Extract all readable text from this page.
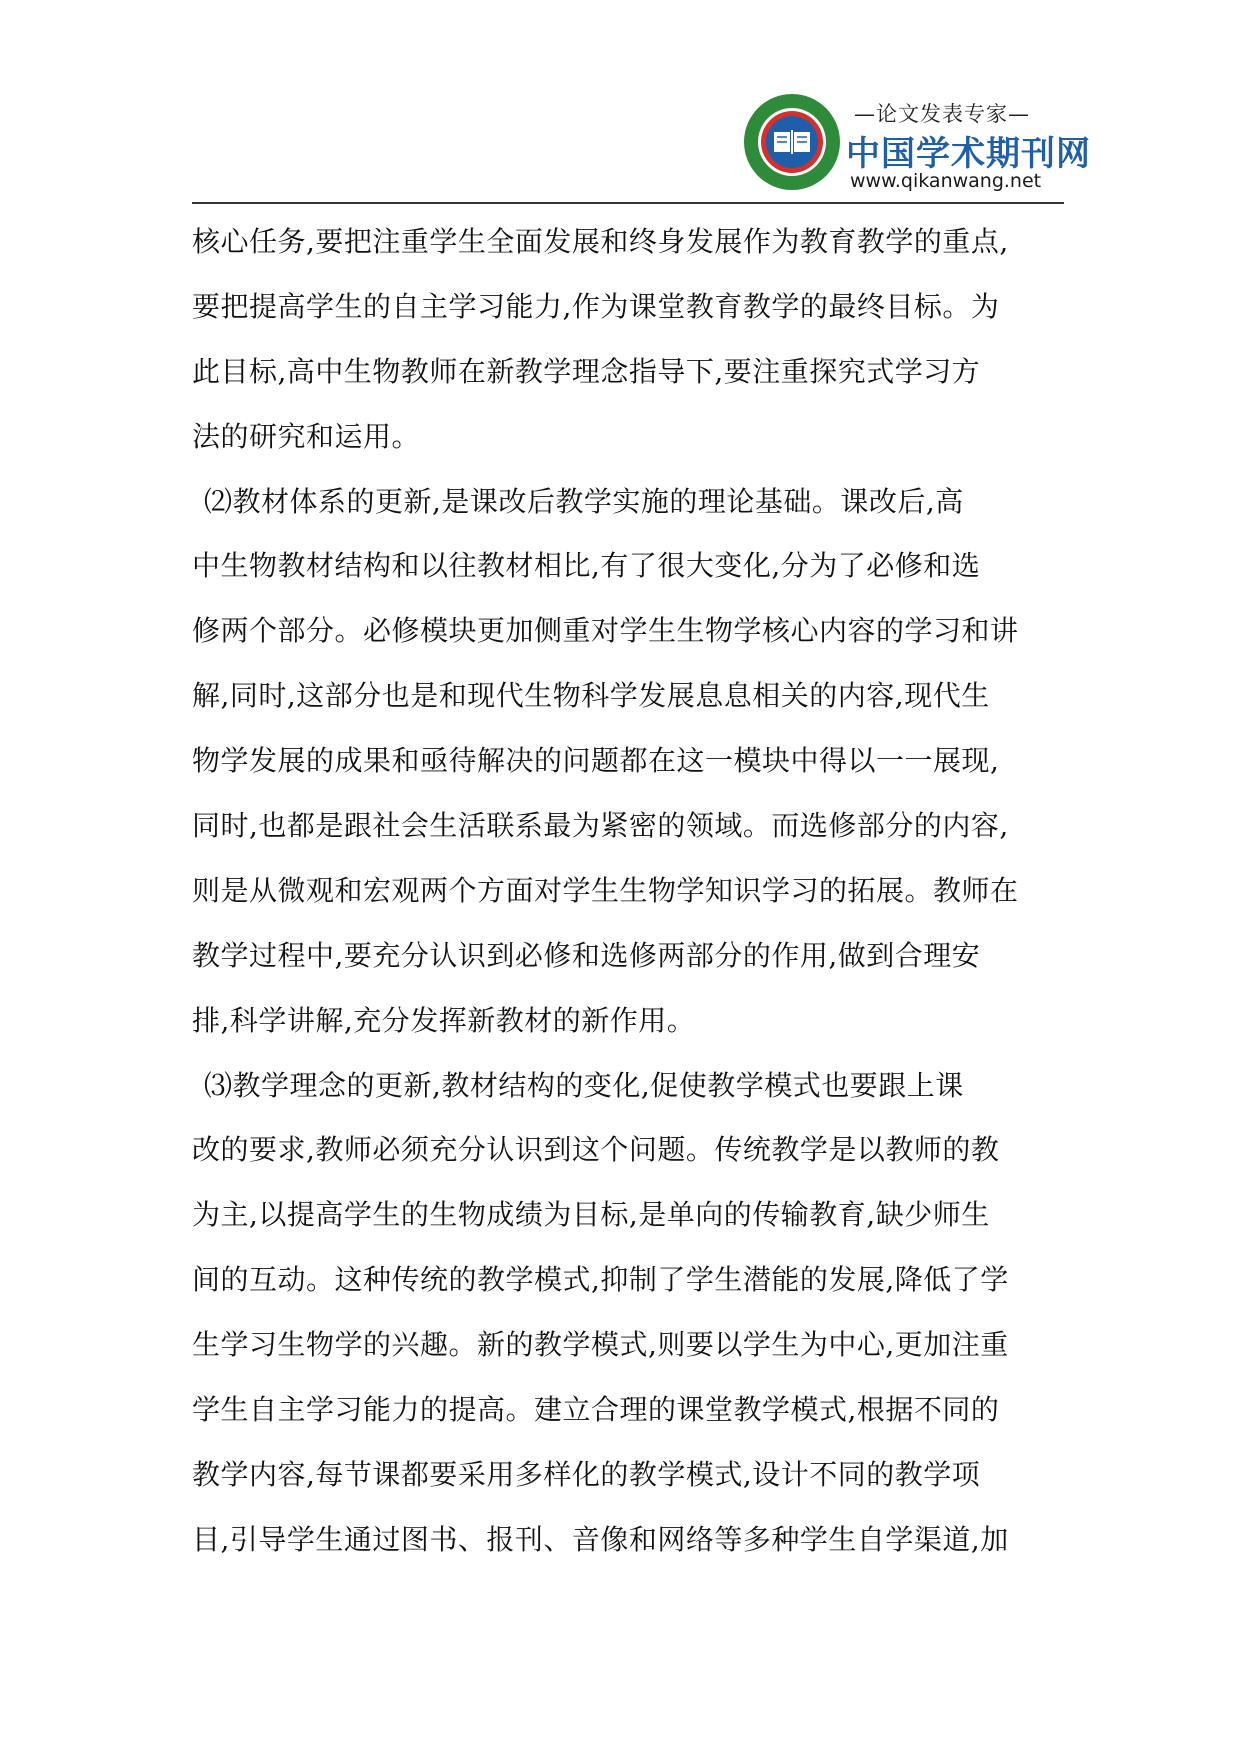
—论文发表专家—
中国学术期刊网
www.qikanwang.net
核心任务,要把注重学生全面发展和终身发展作为教育教学的重点,
要把提高学生的自主学习能力,作为课堂教育教学的最终目标。为
此目标,高中生物教师在新教学理念指导下,要注重探究式学习方
法的研究和运用。
⑵教材体系的更新,是课改后教学实施的理论基础。课改后,高
中生物教材结构和以往教材相比,有了很大变化,分为了必修和选
修两个部分。必修模块更加侧重对学生生物学核心内容的学习和讲
解,同时,这部分也是和现代生物科学发展息息相关的内容,现代生
物学发展的成果和亟待解决的问题都在这一模块中得以一一展现,
同时,也都是跟社会生活联系最为紧密的领域。而选修部分的内容,
则是从微观和宏观两个方面对学生生物学知识学习的拓展。教师在
教学过程中,要充分认识到必修和选修两部分的作用,做到合理安
排,科学讲解,充分发挥新教材的新作用。
⑶教学理念的更新,教材结构的变化,促使教学模式也要跟上课
改的要求,教师必须充分认识到这个问题。传统教学是以教师的教
为主,以提高学生的生物成绩为目标,是单向的传输教育,缺少师生
间的互动。这种传统的教学模式,抑制了学生潜能的发展,降低了学
生学习生物学的兴趣。新的教学模式,则要以学生为中心,更加注重
学生自主学习能力的提高。建立合理的课堂教学模式,根据不同的
教学内容,每节课都要采用多样化的教学模式,设计不同的教学项
目,引导学生通过图书、报刊、音像和网络等多种学生自学渠道,加
